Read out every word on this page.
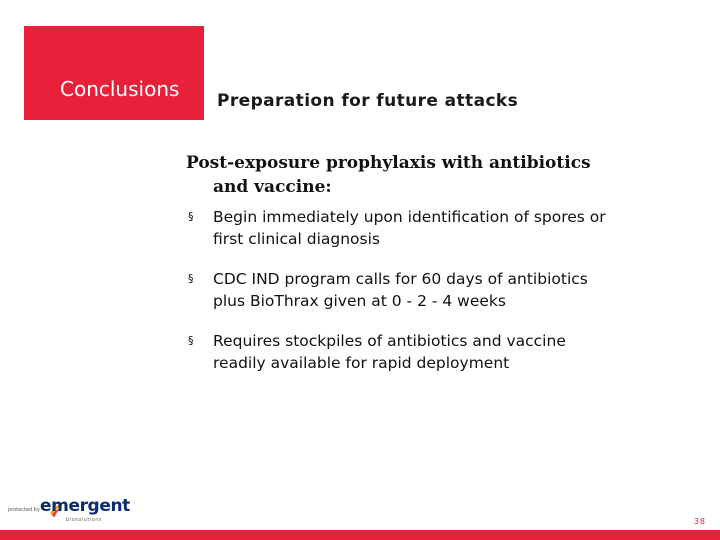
Conclusions Preparation for future attacks
Post-exposure prophylaxis with antibiotics
and vaccine:
§ Begin immediately upon identification of spores or
first clinical diagnosis
§ CDC IND program calls for 60 days of antibiotics
plus BioThrax given at 0 - 2 - 4 weeks
§ Requires stockpiles of antibiotics and vaccine
readily available for rapid deployment
protected by emergent
biosolutions	38
